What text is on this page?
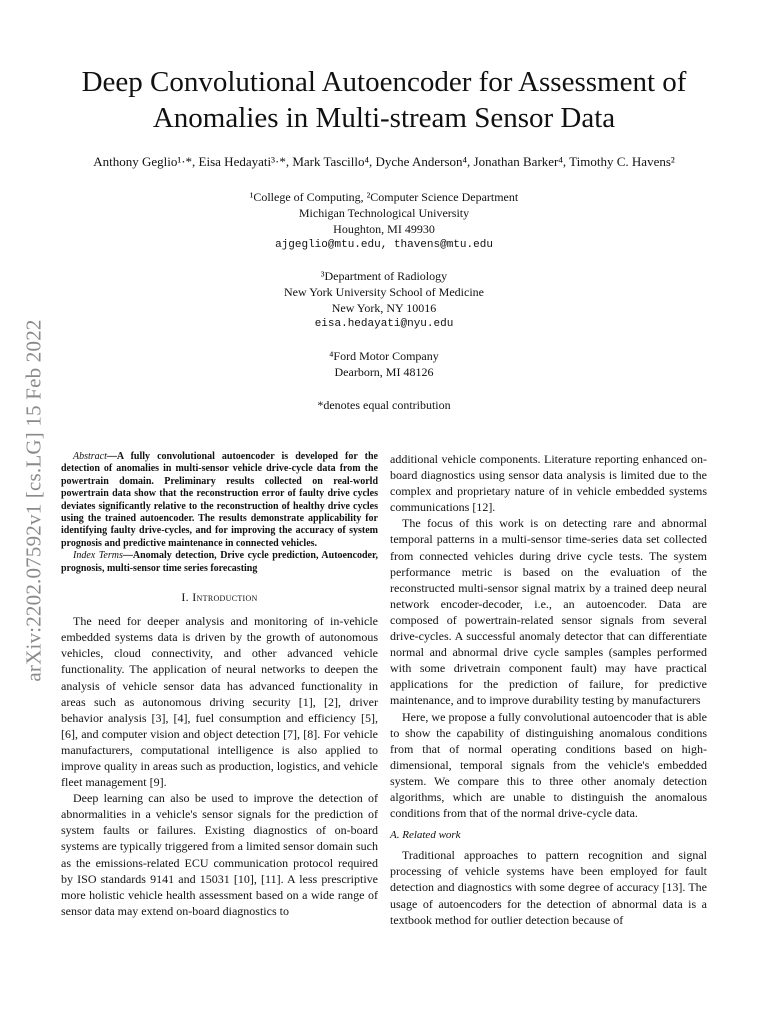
arXiv:2202.07592v1 [cs.LG] 15 Feb 2022
Deep Convolutional Autoencoder for Assessment of
Anomalies in Multi-stream Sensor Data
Anthony Geglio¹·*, Eisa Hedayati³·*, Mark Tascillo⁴, Dyche Anderson⁴, Jonathan Barker⁴, Timothy C. Havens²
¹College of Computing, ²Computer Science Department
Michigan Technological University
Houghton, MI 49930
ajgeglio@mtu.edu, thavens@mtu.edu
³Department of Radiology
New York University School of Medicine
New York, NY 10016
eisa.hedayati@nyu.edu
⁴Ford Motor Company
Dearborn, MI 48126
*denotes equal contribution

Abstract—A fully convolutional autoencoder is developed for the detection of anomalies in multi-sensor vehicle drive-cycle data from the powertrain domain. Preliminary results collected on real-world powertrain data show that the reconstruction error of faulty drive cycles deviates significantly relative to the reconstruction of healthy drive cycles using the trained autoencoder. The results demonstrate applicability for identifying faulty drive-cycles, and for improving the accuracy of system prognosis and predictive maintenance in connected vehicles.

Index Terms—Anomaly detection, Drive cycle prediction, Autoencoder, prognosis, multi-sensor time series forecasting

I. Introduction

The need for deeper analysis and monitoring of in-vehicle embedded systems data is driven by the growth of autonomous vehicles, cloud connectivity, and other advanced vehicle functionality. The application of neural networks to deepen the analysis of vehicle sensor data has advanced functionality in areas such as autonomous driving security [1], [2], driver behavior analysis [3], [4], fuel consumption and efficiency [5], [6], and computer vision and object detection [7], [8]. For vehicle manufacturers, computational intelligence is also applied to improve quality in areas such as production, logistics, and vehicle fleet management [9].

Deep learning can also be used to improve the detection of abnormalities in a vehicle's sensor signals for the prediction of system faults or failures. Existing diagnostics of on-board systems are typically triggered from a limited sensor domain such as the emissions-related ECU communication protocol required by ISO standards 9141 and 15031 [10], [11]. A less prescriptive more holistic vehicle health assessment based on a wide range of sensor data may extend on-board diagnostics to

additional vehicle components. Literature reporting enhanced on-board diagnostics using sensor data analysis is limited due to the complex and proprietary nature of in vehicle embedded systems communications [12].

The focus of this work is on detecting rare and abnormal temporal patterns in a multi-sensor time-series data set collected from connected vehicles during drive cycle tests. The system performance metric is based on the evaluation of the reconstructed multi-sensor signal matrix by a trained deep neural network encoder-decoder, i.e., an autoencoder. Data are composed of powertrain-related sensor signals from several drive-cycles. A successful anomaly detector that can differentiate normal and abnormal drive cycle samples (samples performed with some drivetrain component fault) may have practical applications for the prediction of failure, for predictive maintenance, and to improve durability testing by manufacturers

Here, we propose a fully convolutional autoencoder that is able to show the capability of distinguishing anomalous conditions from that of normal operating conditions based on high-dimensional, temporal signals from the vehicle's embedded system. We compare this to three other anomaly detection algorithms, which are unable to distinguish the anomalous conditions from that of the normal drive-cycle data.

A. Related work

Traditional approaches to pattern recognition and signal processing of vehicle systems have been employed for fault detection and diagnostics with some degree of accuracy [13]. The usage of autoencoders for the detection of abnormal data is a textbook method for outlier detection because of
